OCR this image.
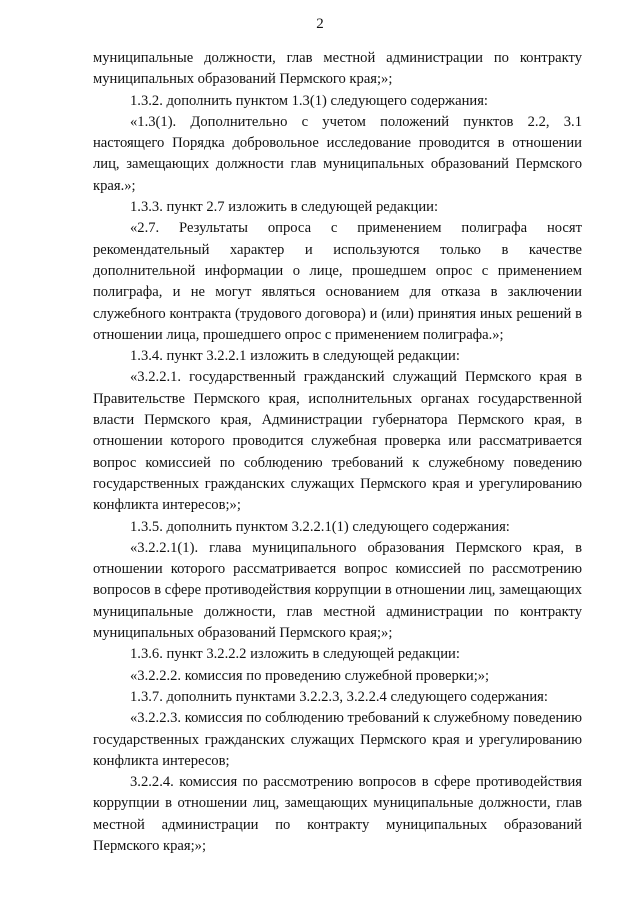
2

муниципальные должности, глав местной администрации по контракту муниципальных образований Пермского края;»;

1.3.2. дополнить пунктом 1.3(1) следующего содержания:

«1.3(1). Дополнительно с учетом положений пунктов 2.2, 3.1 настоящего Порядка добровольное исследование проводится в отношении лиц, замещающих должности глав муниципальных образований Пермского края.»;

1.3.3. пункт 2.7 изложить в следующей редакции:

«2.7. Результаты опроса с применением полиграфа носят рекомендательный характер и используются только в качестве дополнительной информации о лице, прошедшем опрос с применением полиграфа, и не могут являться основанием для отказа в заключении служебного контракта (трудового договора) и (или) принятия иных решений в отношении лица, прошедшего опрос с применением полиграфа.»;

1.3.4. пункт 3.2.2.1 изложить в следующей редакции:

«3.2.2.1. государственный гражданский служащий Пермского края в Правительстве Пермского края, исполнительных органах государственной власти Пермского края, Администрации губернатора Пермского края, в отношении которого проводится служебная проверка или рассматривается вопрос комиссией по соблюдению требований к служебному поведению государственных гражданских служащих Пермского края и урегулированию конфликта интересов;»;

1.3.5. дополнить пунктом 3.2.2.1(1) следующего содержания:

«3.2.2.1(1). глава муниципального образования Пермского края, в отношении которого рассматривается вопрос комиссией по рассмотрению вопросов в сфере противодействия коррупции в отношении лиц, замещающих муниципальные должности, глав местной администрации по контракту муниципальных образований Пермского края;»;

1.3.6. пункт 3.2.2.2 изложить в следующей редакции:

«3.2.2.2. комиссия по проведению служебной проверки;»;

1.3.7. дополнить пунктами 3.2.2.3, 3.2.2.4 следующего содержания:

«3.2.2.3. комиссия по соблюдению требований к служебному поведению государственных гражданских служащих Пермского края и урегулированию конфликта интересов;

3.2.2.4. комиссия по рассмотрению вопросов в сфере противодействия коррупции в отношении лиц, замещающих муниципальные должности, глав местной администрации по контракту муниципальных образований Пермского края;»;
